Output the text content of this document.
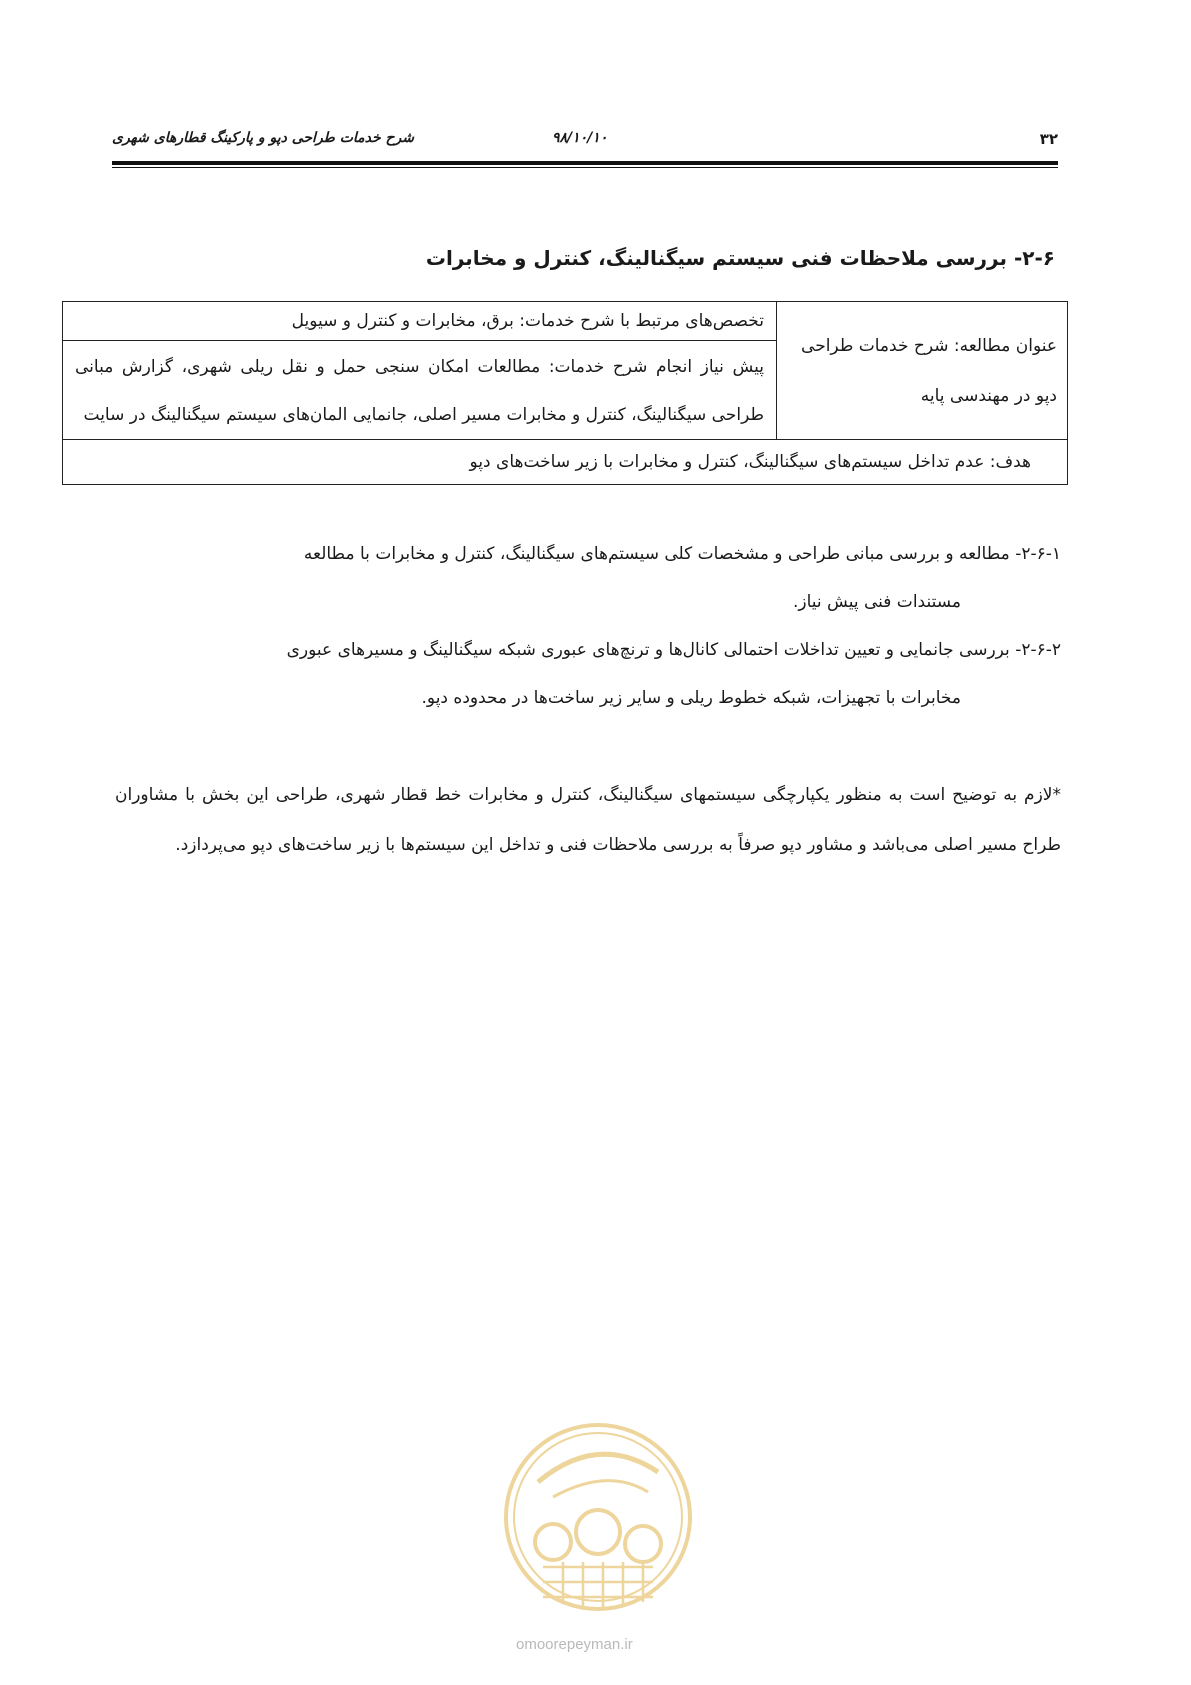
۳۲
۹۸/۱۰/۱۰
شرح خدمات طراحی دپو و پارکینگ قطارهای شهری
۲-۶- بررسی ملاحظات فنی سیستم سیگنالینگ، کنترل و مخابرات
عنوان مطالعه: شرح خدمات طراحی دپو در مهندسی پایه	تخصص‌های مرتبط با شرح خدمات: برق، مخابرات و کنترل و سیویل
پیش نیاز انجام شرح خدمات: مطالعات امکان سنجی حمل و نقل ریلی شهری، گزارش مبانی طراحی سیگنالینگ، کنترل و مخابرات مسیر اصلی، جانمایی المان‌های سیستم سیگنالینگ در سایت
هدف: عدم تداخل سیستم‌های سیگنالینگ، کنترل و مخابرات با زیر ساخت‌های دپو
۲-۶-۱- مطالعه و بررسی مبانی طراحی و مشخصات کلی سیستم‌های سیگنالینگ، کنترل و مخابرات با مطالعه
مستندات فنی پیش نیاز.
۲-۶-۲- بررسی جانمایی و تعیین تداخلات احتمالی کانال‌ها و ترنچ‌های عبوری شبکه سیگنالینگ و مسیرهای عبوری
مخابرات با تجهیزات، شبکه خطوط ریلی و سایر زیر ساخت‌ها در محدوده دپو.
*لازم به توضیح است به منظور یکپارچگی سیستمهای سیگنالینگ، کنترل و مخابرات خط قطار شهری، طراحی این بخش با مشاوران طراح مسیر اصلی می‌باشد و مشاور دپو صرفاً به بررسی ملاحظات فنی و تداخل این سیستم‌ها با زیر ساخت‌های دپو می‌پردازد.
omoorepeyman.ir
